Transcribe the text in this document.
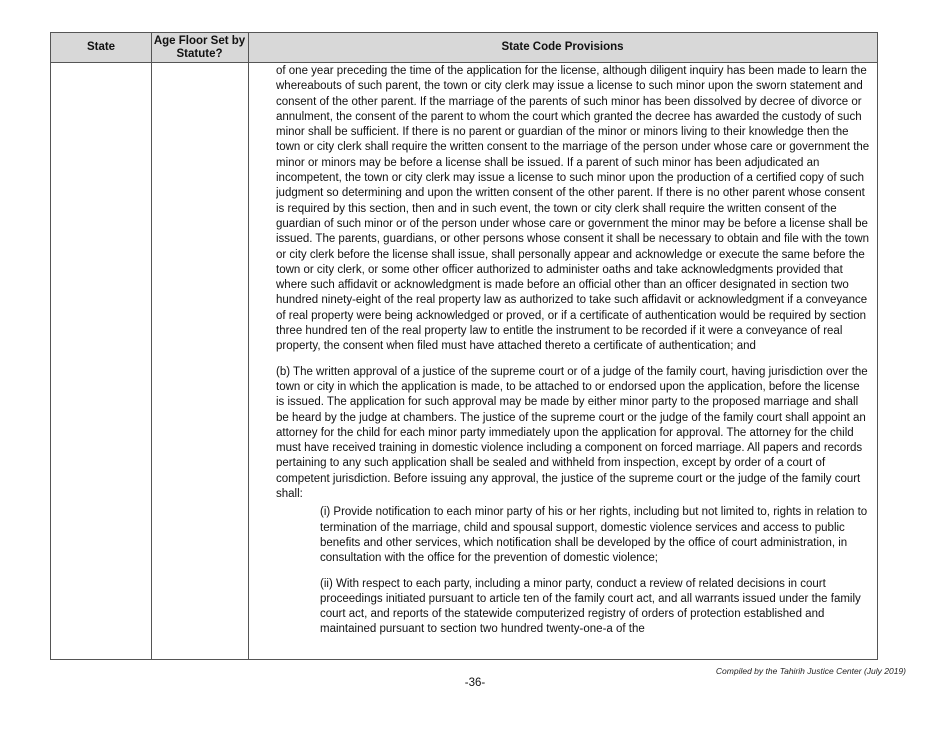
State
Age Floor Set by Statute?
State Code Provisions

of one year preceding the time of the application for the license, although diligent inquiry has been made to learn the whereabouts of such parent, the town or city clerk may issue a license to such minor upon the sworn statement and consent of the other parent. If the marriage of the parents of such minor has been dissolved by decree of divorce or annulment, the consent of the parent to whom the court which granted the decree has awarded the custody of such minor shall be sufficient. If there is no parent or guardian of the minor or minors living to their knowledge then the town or city clerk shall require the written consent to the marriage of the person under whose care or government the minor or minors may be before a license shall be issued. If a parent of such minor has been adjudicated an incompetent, the town or city clerk may issue a license to such minor upon the production of a certified copy of such judgment so determining and upon the written consent of the other parent. If there is no other parent whose consent is required by this section, then and in such event, the town or city clerk shall require the written consent of the guardian of such minor or of the person under whose care or government the minor may be before a license shall be issued. The parents, guardians, or other persons whose consent it shall be necessary to obtain and file with the town or city clerk before the license shall issue, shall personally appear and acknowledge or execute the same before the town or city clerk, or some other officer authorized to administer oaths and take acknowledgments provided that where such affidavit or acknowledgment is made before an official other than an officer designated in section two hundred ninety-eight of the real property law as authorized to take such affidavit or acknowledgment if a conveyance of real property were being acknowledged or proved, or if a certificate of authentication would be required by section three hundred ten of the real property law to entitle the instrument to be recorded if it were a conveyance of real property, the consent when filed must have attached thereto a certificate of authentication; and

(b) The written approval of a justice of the supreme court or of a judge of the family court, having jurisdiction over the town or city in which the application is made, to be attached to or endorsed upon the application, before the license is issued. The application for such approval may be made by either minor party to the proposed marriage and shall be heard by the judge at chambers. The justice of the supreme court or the judge of the family court shall appoint an attorney for the child for each minor party immediately upon the application for approval. The attorney for the child must have received training in domestic violence including a component on forced marriage. All papers and records pertaining to any such application shall be sealed and withheld from inspection, except by order of a court of competent jurisdiction. Before issuing any approval, the justice of the supreme court or the judge of the family court shall:

(i) Provide notification to each minor party of his or her rights, including but not limited to, rights in relation to termination of the marriage, child and spousal support, domestic violence services and access to public benefits and other services, which notification shall be developed by the office of court administration, in consultation with the office for the prevention of domestic violence;

(ii) With respect to each party, including a minor party, conduct a review of related decisions in court proceedings initiated pursuant to article ten of the family court act, and all warrants issued under the family court act, and reports of the statewide computerized registry of orders of protection established and maintained pursuant to section two hundred twenty-one-a of the

Compiled by the Tahirih Justice Center (July 2019)
-36-
